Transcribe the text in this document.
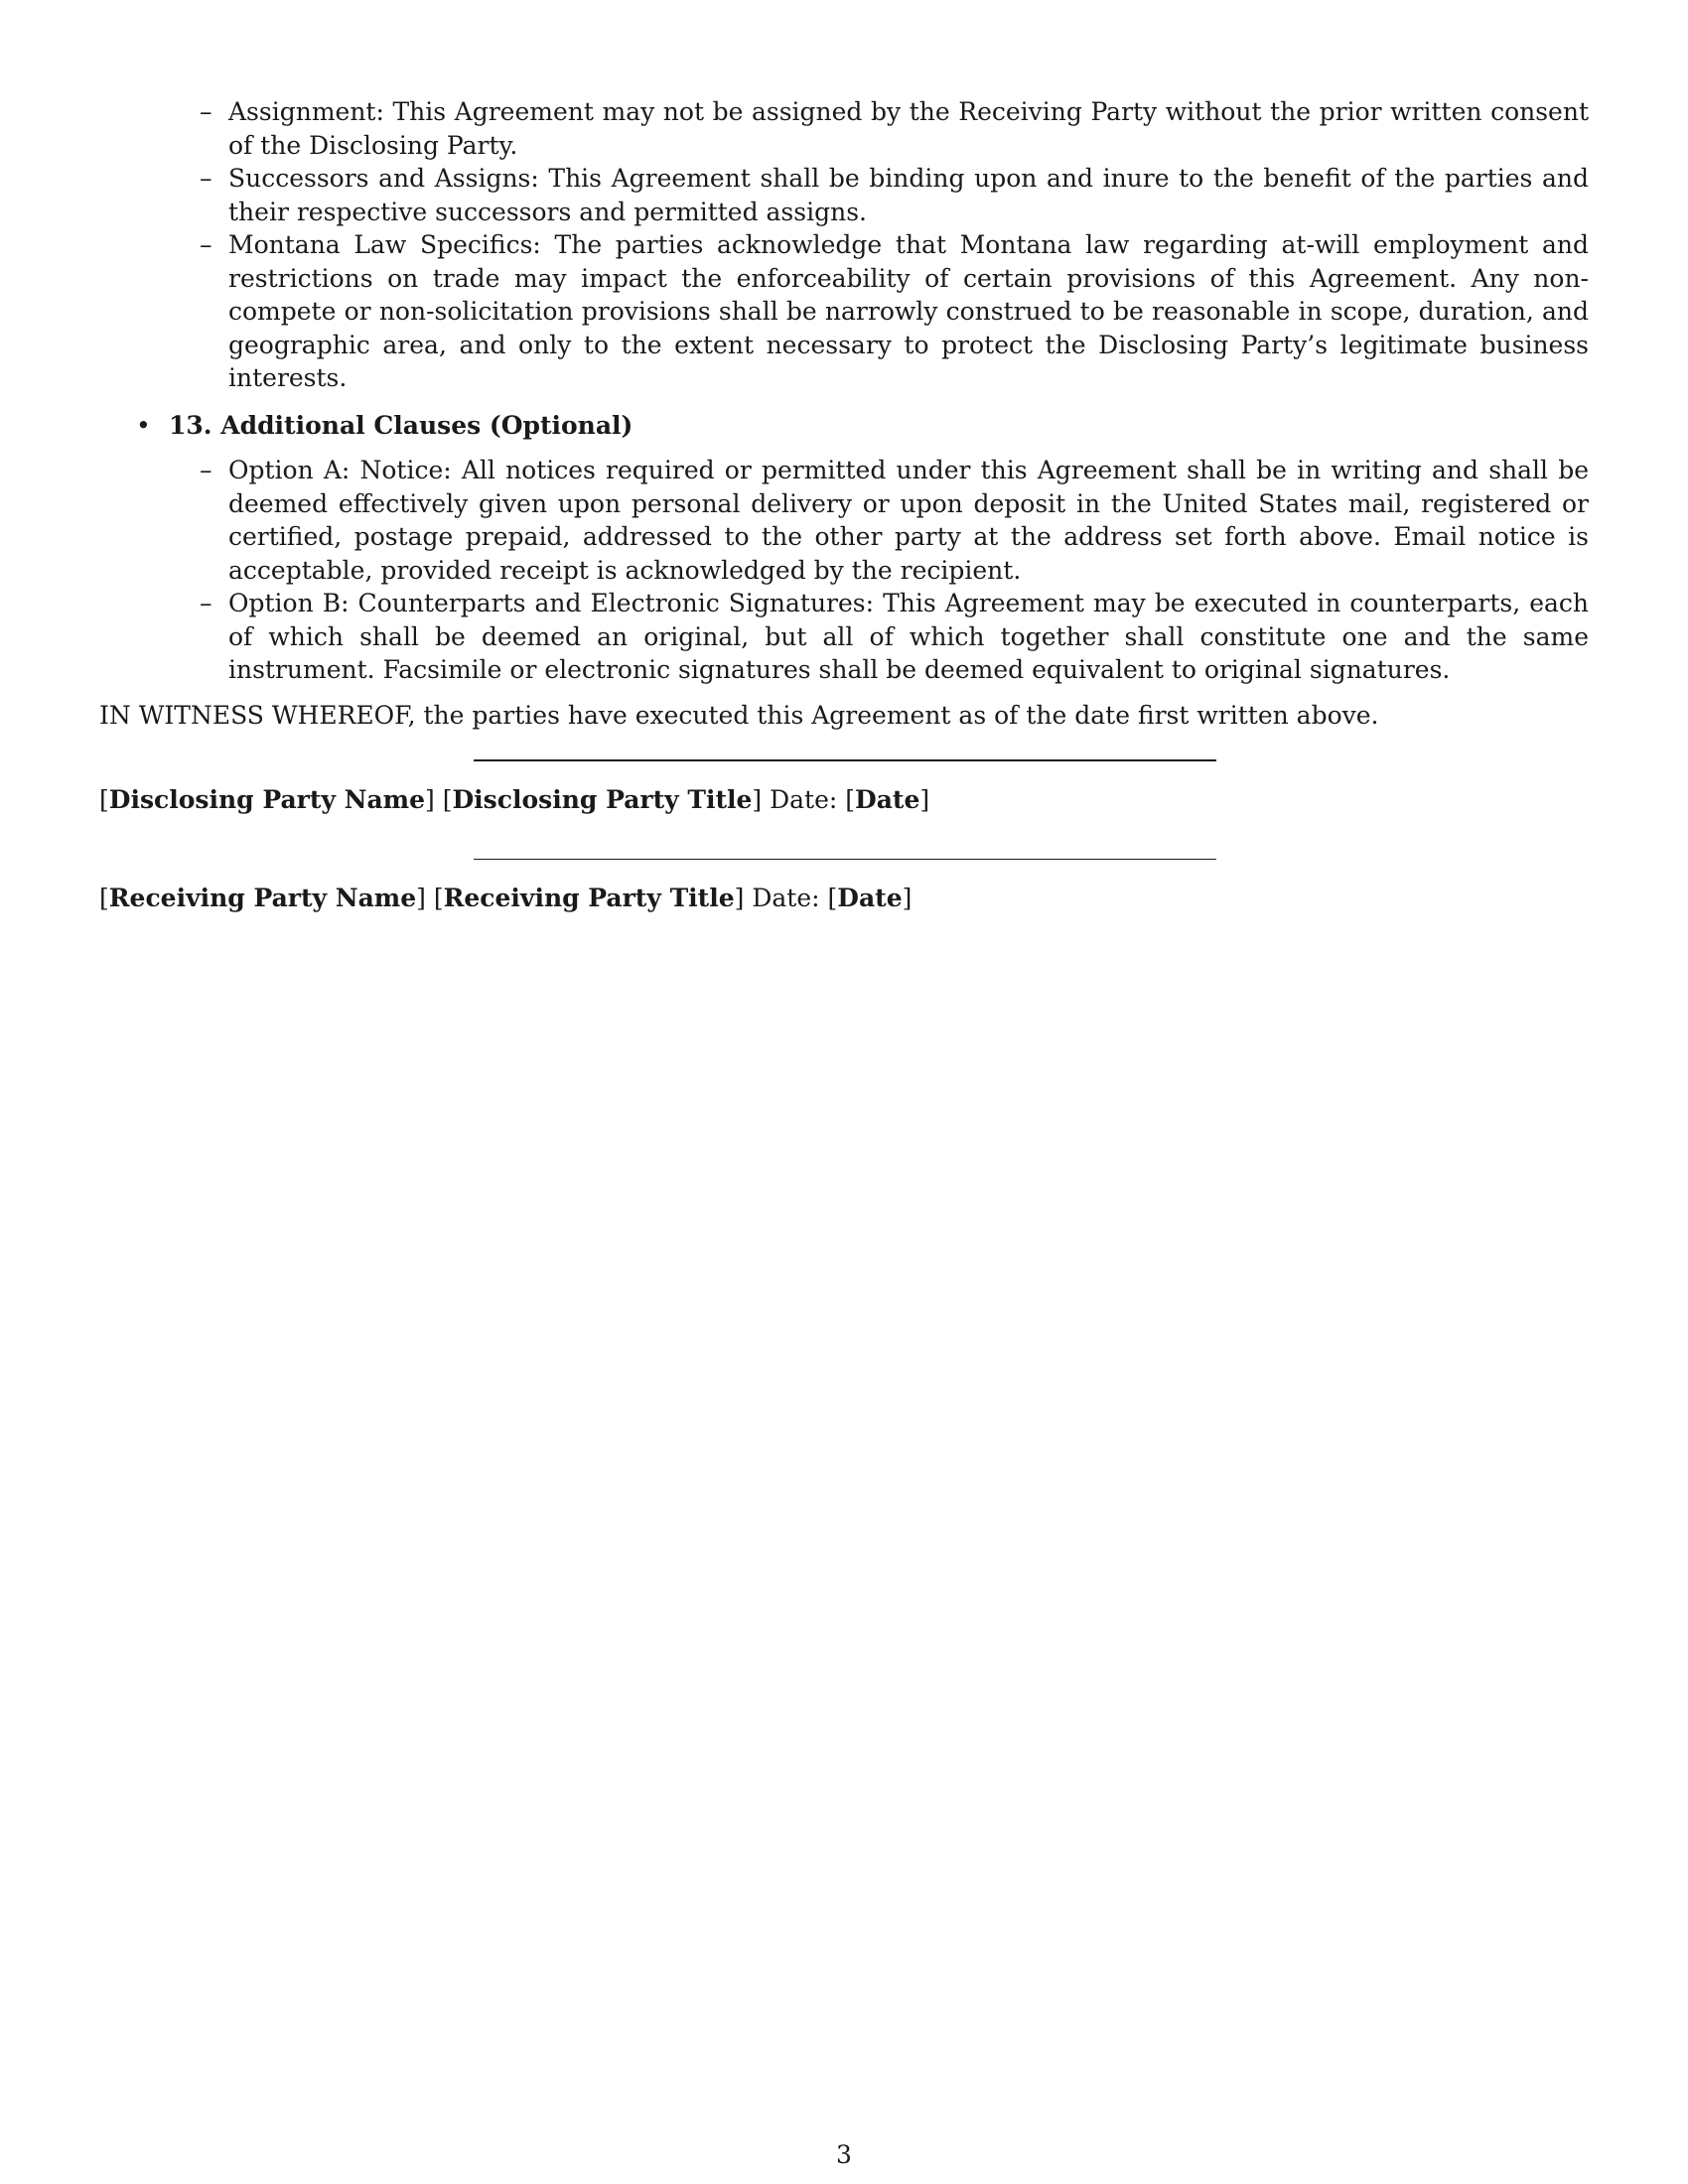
– Assignment: This Agreement may not be assigned by the Receiving Party without the prior written consent of the Disclosing Party.
– Successors and Assigns: This Agreement shall be binding upon and inure to the benefit of the parties and their respective successors and permitted assigns.
– Montana Law Specifics: The parties acknowledge that Montana law regarding at-will employment and restrictions on trade may impact the enforceability of certain provisions of this Agreement. Any non-compete or non-solicitation provisions shall be narrowly construed to be reasonable in scope, duration, and geographic area, and only to the extent necessary to protect the Disclosing Party’s legitimate business interests.
• 13. Additional Clauses (Optional)
– Option A: Notice: All notices required or permitted under this Agreement shall be in writing and shall be deemed effectively given upon personal delivery or upon deposit in the United States mail, registered or certified, postage prepaid, addressed to the other party at the address set forth above. Email notice is acceptable, provided receipt is acknowledged by the recipient.
– Option B: Counterparts and Electronic Signatures: This Agreement may be executed in counterparts, each of which shall be deemed an original, but all of which together shall constitute one and the same instrument. Facsimile or electronic signatures shall be deemed equivalent to original signatures.

IN WITNESS WHEREOF, the parties have executed this Agreement as of the date first written above.

[Disclosing Party Name] [Disclosing Party Title] Date: [Date]
[Receiving Party Name] [Receiving Party Title] Date: [Date]
3
